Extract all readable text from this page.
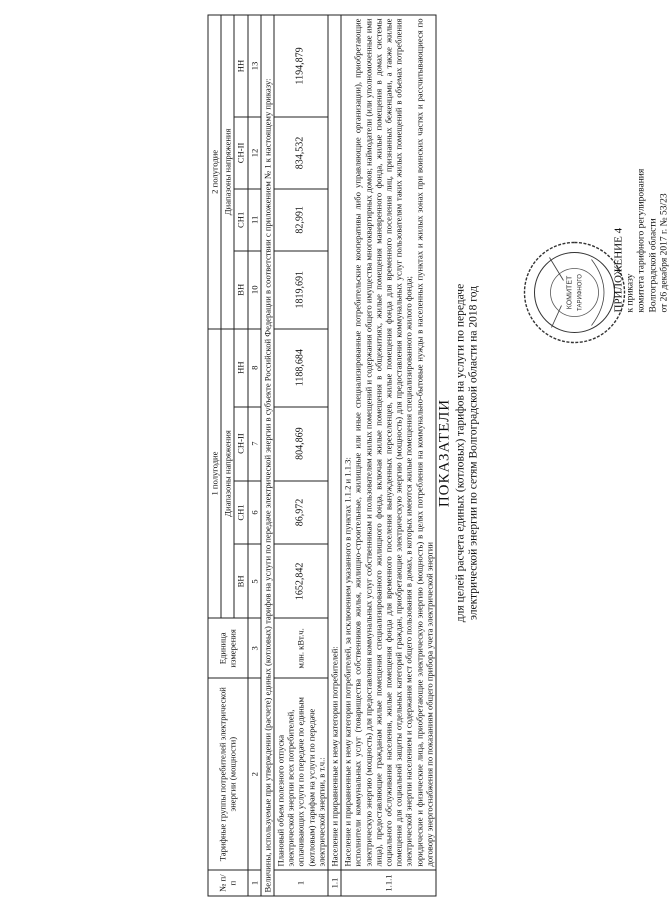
КОМИТЕТ ТАРИФНОГО	ПРИЛОЖЕНИЕ 4 к приказу комитета тарифного регулирования Волгоградской области от 26 декабря 2017 г. № 53/23
ПОКАЗАТЕЛИ для целей расчета единых (котловых) тарифов на услуги по передаче электрической энергии по сетям Волгоградской области на 2018 год
№ п/п	Тарифные группы потребителей электрической энергии (мощности)	Единица измерения	1 полугодие				2 полугодие			
			Диапазоны напряжения				Диапазоны напряжения			
			ВН	СН1	СН-II	НН	ВН	СН1	СН-II	НН
1	2	3	5	6	7	8	10	11	12	13
Величины, используемые при утверждении (расчете) единых (котловых) тарифов на услуги по передаче электрической энергии в субъекте Российской Федерации в соответствии с приложением № 1 к настоящему приказу:										
1	Плановый объем полезного отпуска электрической энергии всех потребителей, оплачивающих услуги по передаче по единым (котловым) тарифам на услуги по передаче электрической энергии, в т.ч.:	млн. кВт.ч.	1652,842	86,972	804,869	1188,684	1819,691	82,991	834,532	1194,879
1.1	Население и приравненные к нему категории потребителей:									
1.1.1	Население и приравненные к нему категории потребителей, за исключением указанного в пунктах 1.1.2 и 1.1.3: исполнители коммунальных услуг (товарищества собственников жилья, жилищно-строительные, жилищные или иные специализированные потребительские кооперативы либо управляющие организации), приобретающие электрическую энергию (мощность) для предоставления коммунальных услуг собственникам и пользователям жилых помещений и содержания общего имущества многоквартирных домов; наймодатели (или уполномоченные ими лица), предоставляющие гражданам жилые помещения специализированного жилищного фонда, включая жилые помещения в общежитиях, жилые помещения маневренного фонда, жилые помещения в домах системы социального обслуживания населения, жилые помещения фонда для временного поселения вынужденных переселенцев, жилые помещения фонда для временного поселения лиц, признанных беженцами, а также жилые помещения для социальной защиты отдельных категорий граждан, приобретающие электрическую энергию (мощность) для предоставления коммунальных услуг пользователям таких жилых помещений в объемах потребления электрической энергии населением и содержания мест общего пользования в домах, в которых имеются жилые помещения специализированного жилого фонда; юридические и физические лица, приобретающие электрическую энергию (мощность) в целях потребления на коммунально-бытовые нужды в населенных пунктах и жилых зонах при воинских частях и рассчитывающиеся по договору энергоснабжения по показаниям общего прибора учета электрической энергии									
